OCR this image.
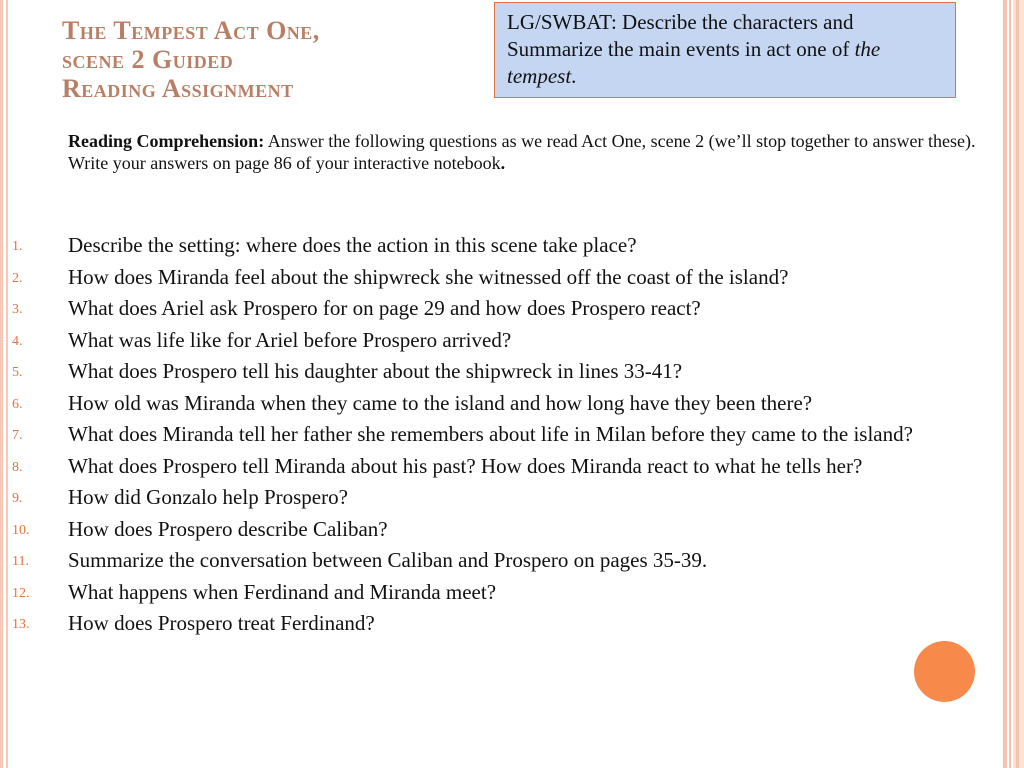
The Tempest Act One,
scene 2 Guided
Reading Assignment
LG/SWBAT: Describe the characters and Summarize the main events in act one of the tempest.

Reading Comprehension: Answer the following questions as we read Act One, scene 2 (we’ll stop together to answer these). Write your answers on page 86 of your interactive notebook.

1. Describe the setting: where does the action in this scene take place?
2. How does Miranda feel about the shipwreck she witnessed off the coast of the island?
3. What does Ariel ask Prospero for on page 29 and how does Prospero react?
4. What was life like for Ariel before Prospero arrived?
5. What does Prospero tell his daughter about the shipwreck in lines 33-41?
6. How old was Miranda when they came to the island and how long have they been there?
7. What does Miranda tell her father she remembers about life in Milan before they came to the island?
8. What does Prospero tell Miranda about his past? How does Miranda react to what he tells her?
9. How did Gonzalo help Prospero?
10. How does Prospero describe Caliban?
11. Summarize the conversation between Caliban and Prospero on pages 35-39.
12. What happens when Ferdinand and Miranda meet?
13. How does Prospero treat Ferdinand?
